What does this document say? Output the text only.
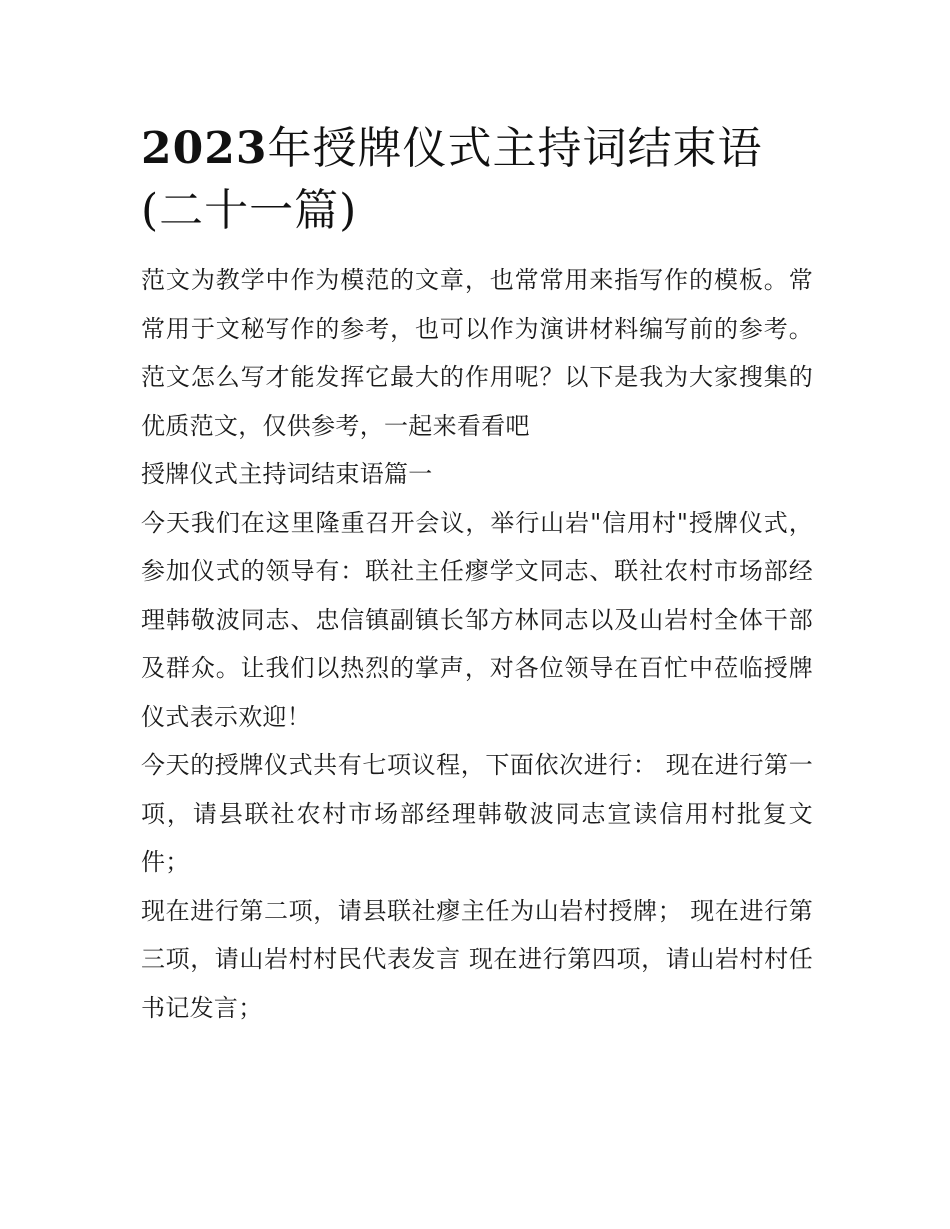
2023年授牌仪式主持词结束语(二十一篇)

范文为教学中作为模范的文章，也常常用来指写作的模板。常常用于文秘写作的参考，也可以作为演讲材料编写前的参考。范文怎么写才能发挥它最大的作用呢？以下是我为大家搜集的优质范文，仅供参考，一起来看看吧

授牌仪式主持词结束语篇一

今天我们在这里隆重召开会议，举行山岩"信用村"授牌仪式，参加仪式的领导有：联社主任瘳学文同志、联社农村市场部经理韩敬波同志、忠信镇副镇长邹方林同志以及山岩村全体干部及群众。让我们以热烈的掌声，对各位领导在百忙中莅临授牌仪式表示欢迎！

今天的授牌仪式共有七项议程，下面依次进行： 现在进行第一项，请县联社农村市场部经理韩敬波同志宣读信用村批复文件；

现在进行第二项，请县联社瘳主任为山岩村授牌； 现在进行第三项，请山岩村村民代表发言 现在进行第四项，请山岩村村任书记发言；
